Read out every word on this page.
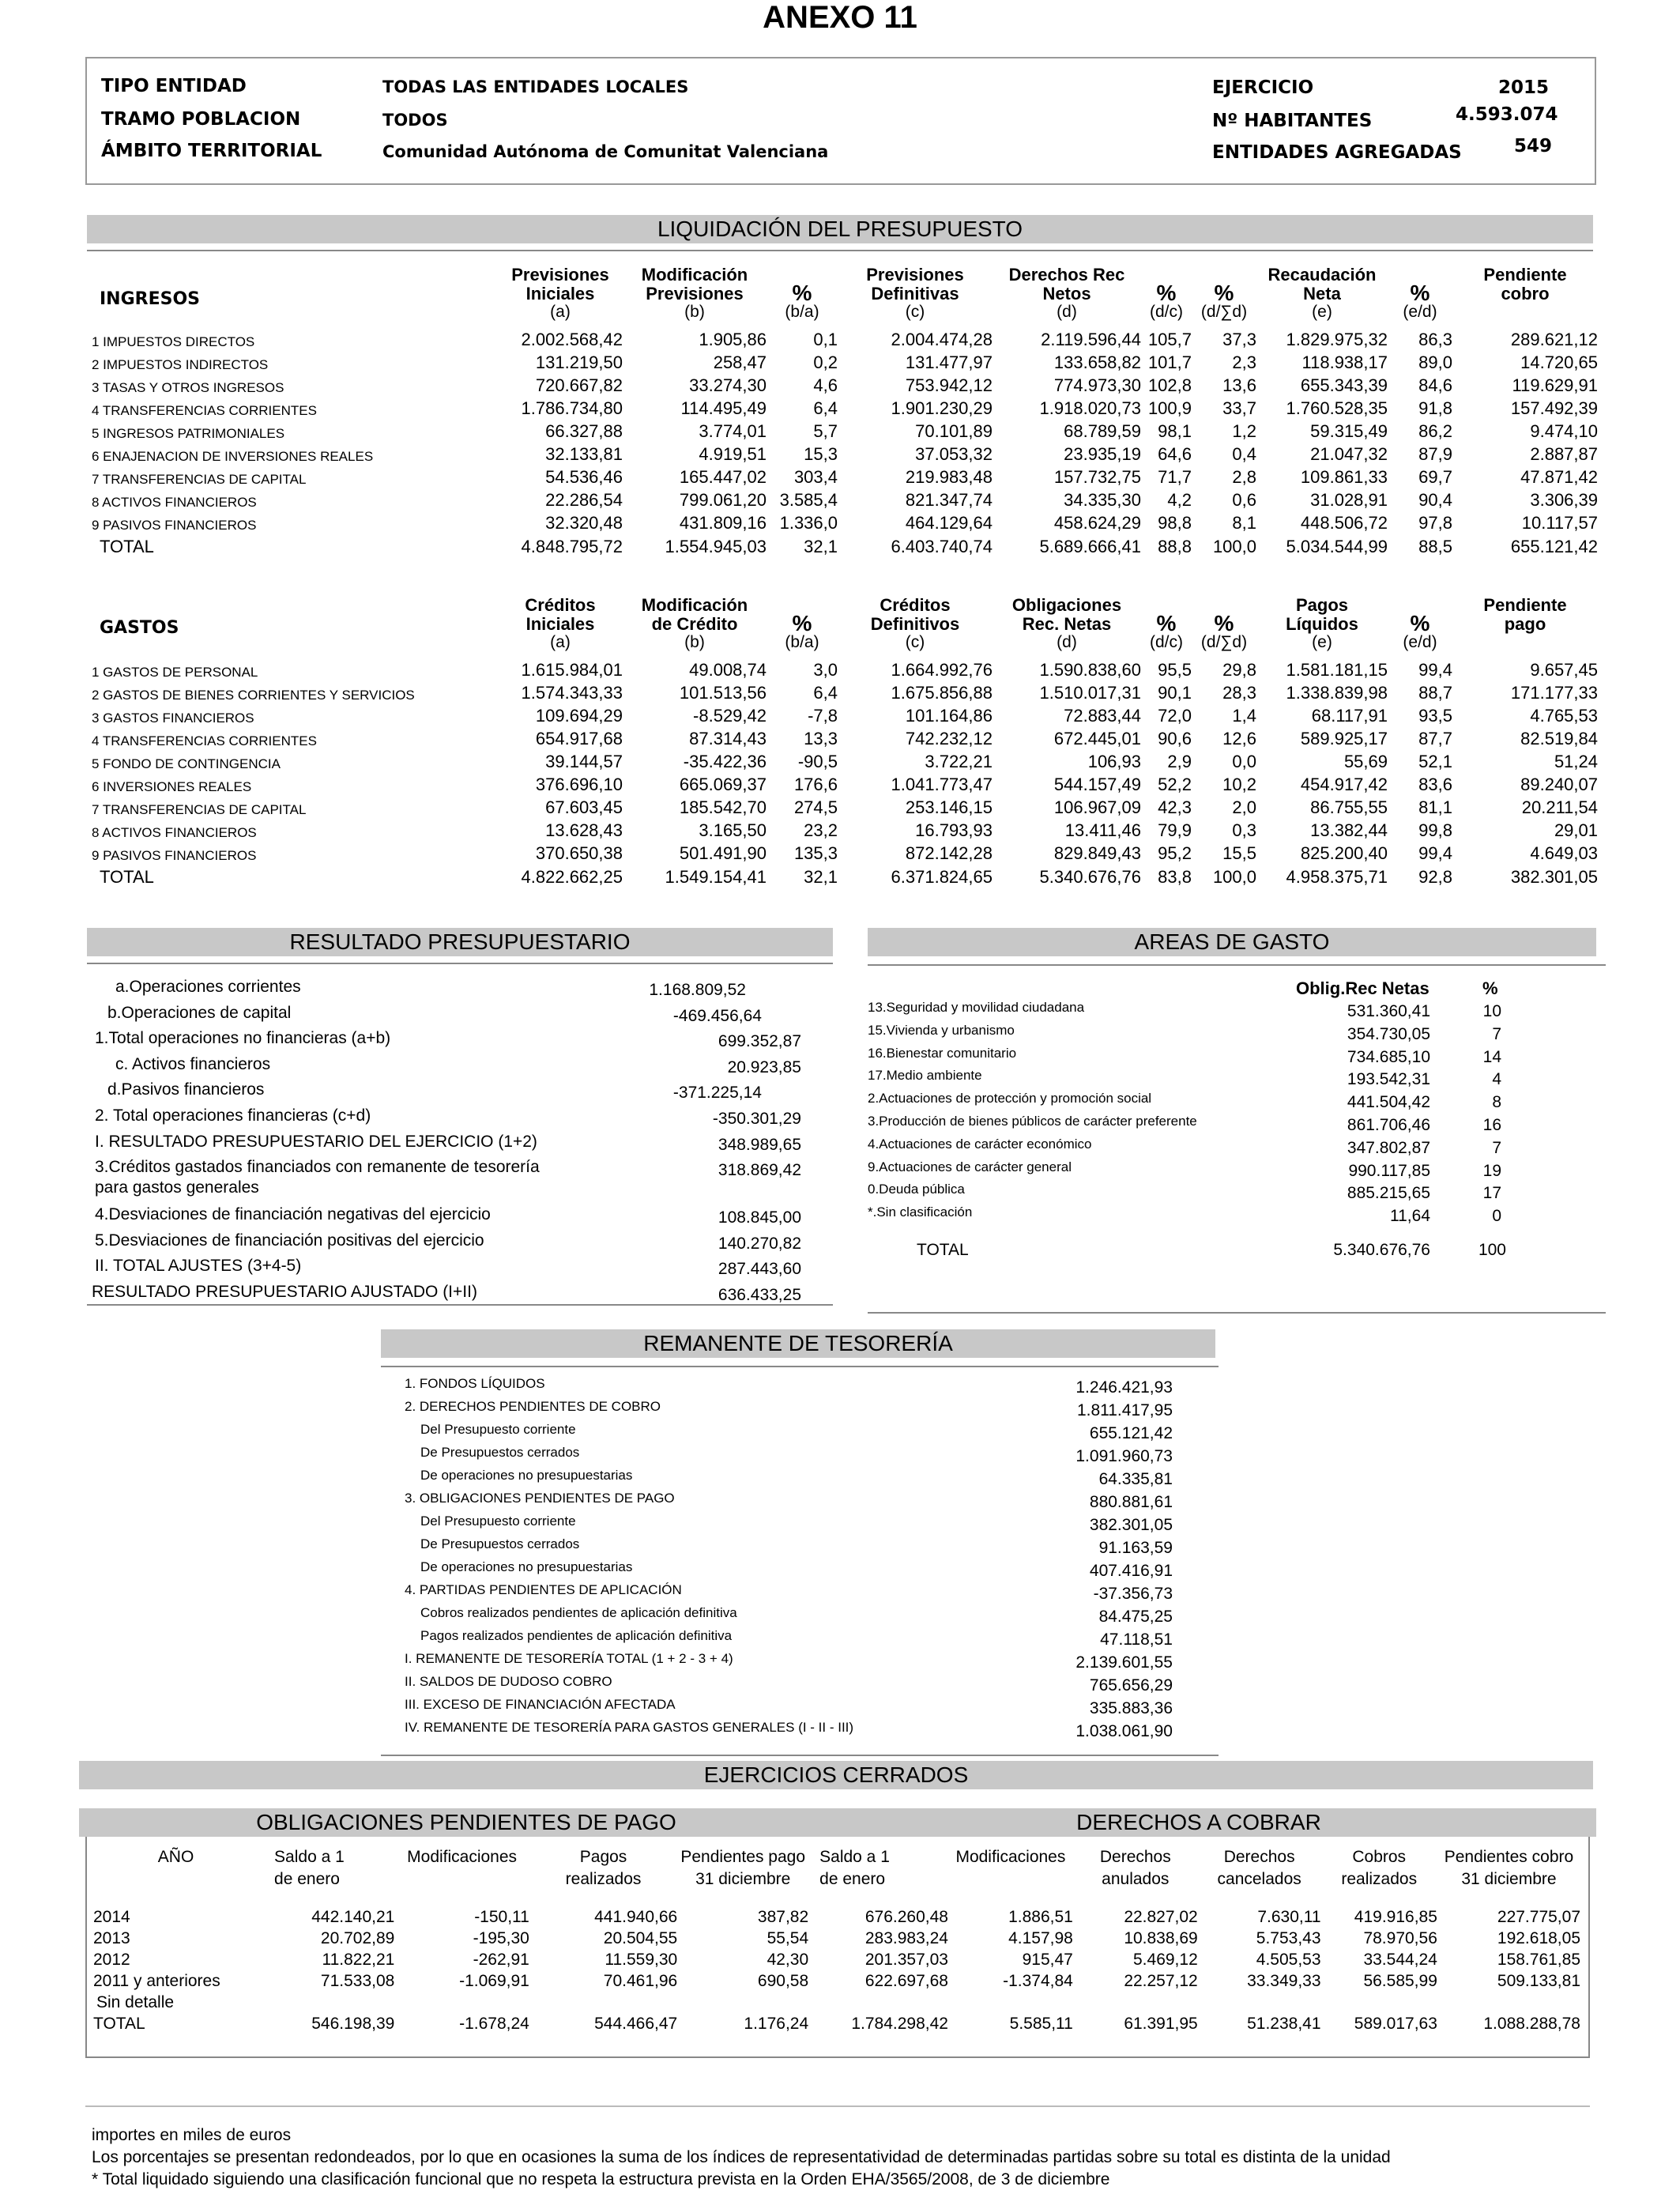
ANEXO 11
TIPO ENTIDAD	TODAS LAS ENTIDADES LOCALES
TRAMO POBLACION	TODOS
ÁMBITO TERRITORIAL	Comunidad Autónoma de Comunitat Valenciana
EJERCICIO	2015
Nº HABITANTES	4.593.074
ENTIDADES AGREGADAS	549
LIQUIDACIÓN DEL PRESUPUESTO
INGRESOS
	Previsiones	Modificación		Previsiones	Derechos Rec			Recaudación		Pendiente
	Iniciales	Previsiones	%	Definitivas	Netos	%	%	Neta	%	cobro
	(a)	(b)	(b/a)	(c)	(d)	(d/c)	(d/∑d)	(e)	(e/d)	

1 IMPUESTOS DIRECTOS	2.002.568,42	1.905,86	0,1	2.004.474,28	2.119.596,44	105,7	37,3	1.829.975,32	86,3	289.621,12
2 IMPUESTOS INDIRECTOS	131.219,50	258,47	0,2	131.477,97	133.658,82	101,7	2,3	118.938,17	89,0	14.720,65
3 TASAS Y OTROS INGRESOS	720.667,82	33.274,30	4,6	753.942,12	774.973,30	102,8	13,6	655.343,39	84,6	119.629,91
4 TRANSFERENCIAS CORRIENTES	1.786.734,80	114.495,49	6,4	1.901.230,29	1.918.020,73	100,9	33,7	1.760.528,35	91,8	157.492,39
5 INGRESOS PATRIMONIALES	66.327,88	3.774,01	5,7	70.101,89	68.789,59	98,1	1,2	59.315,49	86,2	9.474,10
6 ENAJENACION DE INVERSIONES REALES	32.133,81	4.919,51	15,3	37.053,32	23.935,19	64,6	0,4	21.047,32	87,9	2.887,87
7 TRANSFERENCIAS DE CAPITAL	54.536,46	165.447,02	303,4	219.983,48	157.732,75	71,7	2,8	109.861,33	69,7	47.871,42
8 ACTIVOS FINANCIEROS	22.286,54	799.061,20	3.585,4	821.347,74	34.335,30	4,2	0,6	31.028,91	90,4	3.306,39
9 PASIVOS FINANCIEROS	32.320,48	431.809,16	1.336,0	464.129,64	458.624,29	98,8	8,1	448.506,72	97,8	10.117,57
TOTAL	4.848.795,72	1.554.945,03	32,1	6.403.740,74	5.689.666,41	88,8	100,0	5.034.544,99	88,5	655.121,42
GASTOS
	Créditos	Modificación		Créditos	Obligaciones			Pagos		Pendiente
	Iniciales	de Crédito	%	Definitivos	Rec. Netas	%	%	Líquidos	%	pago
	(a)	(b)	(b/a)	(c)	(d)	(d/c)	(d/∑d)	(e)	(e/d)	

1 GASTOS DE PERSONAL	1.615.984,01	49.008,74	3,0	1.664.992,76	1.590.838,60	95,5	29,8	1.581.181,15	99,4	9.657,45
2 GASTOS DE BIENES CORRIENTES Y SERVICIOS	1.574.343,33	101.513,56	6,4	1.675.856,88	1.510.017,31	90,1	28,3	1.338.839,98	88,7	171.177,33
3 GASTOS FINANCIEROS	109.694,29	-8.529,42	-7,8	101.164,86	72.883,44	72,0	1,4	68.117,91	93,5	4.765,53
4 TRANSFERENCIAS CORRIENTES	654.917,68	87.314,43	13,3	742.232,12	672.445,01	90,6	12,6	589.925,17	87,7	82.519,84
5 FONDO DE CONTINGENCIA	39.144,57	-35.422,36	-90,5	3.722,21	106,93	2,9	0,0	55,69	52,1	51,24
6 INVERSIONES REALES	376.696,10	665.069,37	176,6	1.041.773,47	544.157,49	52,2	10,2	454.917,42	83,6	89.240,07
7 TRANSFERENCIAS DE CAPITAL	67.603,45	185.542,70	274,5	253.146,15	106.967,09	42,3	2,0	86.755,55	81,1	20.211,54
8 ACTIVOS FINANCIEROS	13.628,43	3.165,50	23,2	16.793,93	13.411,46	79,9	0,3	13.382,44	99,8	29,01
9 PASIVOS FINANCIEROS	370.650,38	501.491,90	135,3	872.142,28	829.849,43	95,2	15,5	825.200,40	99,4	4.649,03
TOTAL	4.822.662,25	1.549.154,41	32,1	6.371.824,65	5.340.676,76	83,8	100,0	4.958.375,71	92,8	382.301,05
RESULTADO PRESUPUESTARIO
a.Operaciones corrientes	1.168.809,52
b.Operaciones de capital	-469.456,64
1.Total operaciones no financieras (a+b)	699.352,87
c. Activos financieros	20.923,85
d.Pasivos financieros	-371.225,14
2. Total operaciones financieras (c+d)	-350.301,29
I. RESULTADO PRESUPUESTARIO DEL EJERCICIO (1+2)	348.989,65
3.Créditos gastados financiados con remanente de tesorería
para gastos generales
318.869,42
4.Desviaciones de financiación negativas del ejercicio	108.845,00
5.Desviaciones de financiación positivas del ejercicio	140.270,82
II. TOTAL AJUSTES (3+4-5)	287.443,60
RESULTADO PRESUPUESTARIO AJUSTADO (I+II)	636.433,25
AREAS DE GASTO
Oblig.Rec Netas	%
13.Seguridad y movilidad ciudadana	531.360,41	10
15.Vivienda y urbanismo	354.730,05	7
16.Bienestar comunitario	734.685,10	14
17.Medio ambiente	193.542,31	4
2.Actuaciones de protección y promoción social	441.504,42	8
3.Producción de bienes públicos de carácter preferente	861.706,46	16
4.Actuaciones de carácter económico	347.802,87	7
9.Actuaciones de carácter general	990.117,85	19
0.Deuda pública	885.215,65	17
*.Sin clasificación	11,64	0
TOTAL	5.340.676,76	100
REMANENTE DE TESORERÍA
1. FONDOS LÍQUIDOS	1.246.421,93
2. DERECHOS PENDIENTES DE COBRO	1.811.417,95
Del Presupuesto corriente	655.121,42
De Presupuestos cerrados	1.091.960,73
De operaciones no presupuestarias	64.335,81
3. OBLIGACIONES PENDIENTES DE PAGO	880.881,61
Del Presupuesto corriente	382.301,05
De Presupuestos cerrados	91.163,59
De operaciones no presupuestarias	407.416,91
4. PARTIDAS PENDIENTES DE APLICACIÓN	-37.356,73
Cobros realizados pendientes de aplicación definitiva	84.475,25
Pagos realizados pendientes de aplicación definitiva	47.118,51
I. REMANENTE DE TESORERÍA TOTAL (1 + 2 - 3 + 4)	2.139.601,55
II. SALDOS DE DUDOSO COBRO	765.656,29
III. EXCESO DE FINANCIACIÓN AFECTADA	335.883,36
IV. REMANENTE DE TESORERÍA PARA GASTOS GENERALES (I - II - III)	1.038.061,90
EJERCICIOS CERRADOS
OBLIGACIONES PENDIENTES DE PAGO	DERECHOS A COBRAR
AÑO	Saldo a 1	Modificaciones	Pagos	Pendientes pago	Saldo a 1	Modificaciones	Derechos	Derechos	Cobros	Pendientes cobro
	de enero		realizados	31 diciembre	de enero		anulados	cancelados	realizados	31 diciembre

2014	442.140,21	-150,11	441.940,66	387,82	676.260,48	1.886,51	22.827,02	7.630,11	419.916,85	227.775,07
2013	20.702,89	-195,30	20.504,55	55,54	283.983,24	4.157,98	10.838,69	5.753,43	78.970,56	192.618,05
2012	11.822,21	-262,91	11.559,30	42,30	201.357,03	915,47	5.469,12	4.505,53	33.544,24	158.761,85
2011 y anteriores	71.533,08	-1.069,91	70.461,96	690,58	622.697,68	-1.374,84	22.257,12	33.349,33	56.585,99	509.133,81
Sin detalle										
TOTAL	546.198,39	-1.678,24	544.466,47	1.176,24	1.784.298,42	5.585,11	61.391,95	51.238,41	589.017,63	1.088.288,78
importes en miles de euros
Los porcentajes se presentan redondeados, por lo que en ocasiones la suma de los índices de representatividad de determinadas partidas sobre su total es distinta de la unidad
* Total liquidado siguiendo una clasificación funcional que no respeta la estructura prevista en la Orden EHA/3565/2008, de 3 de diciembre
